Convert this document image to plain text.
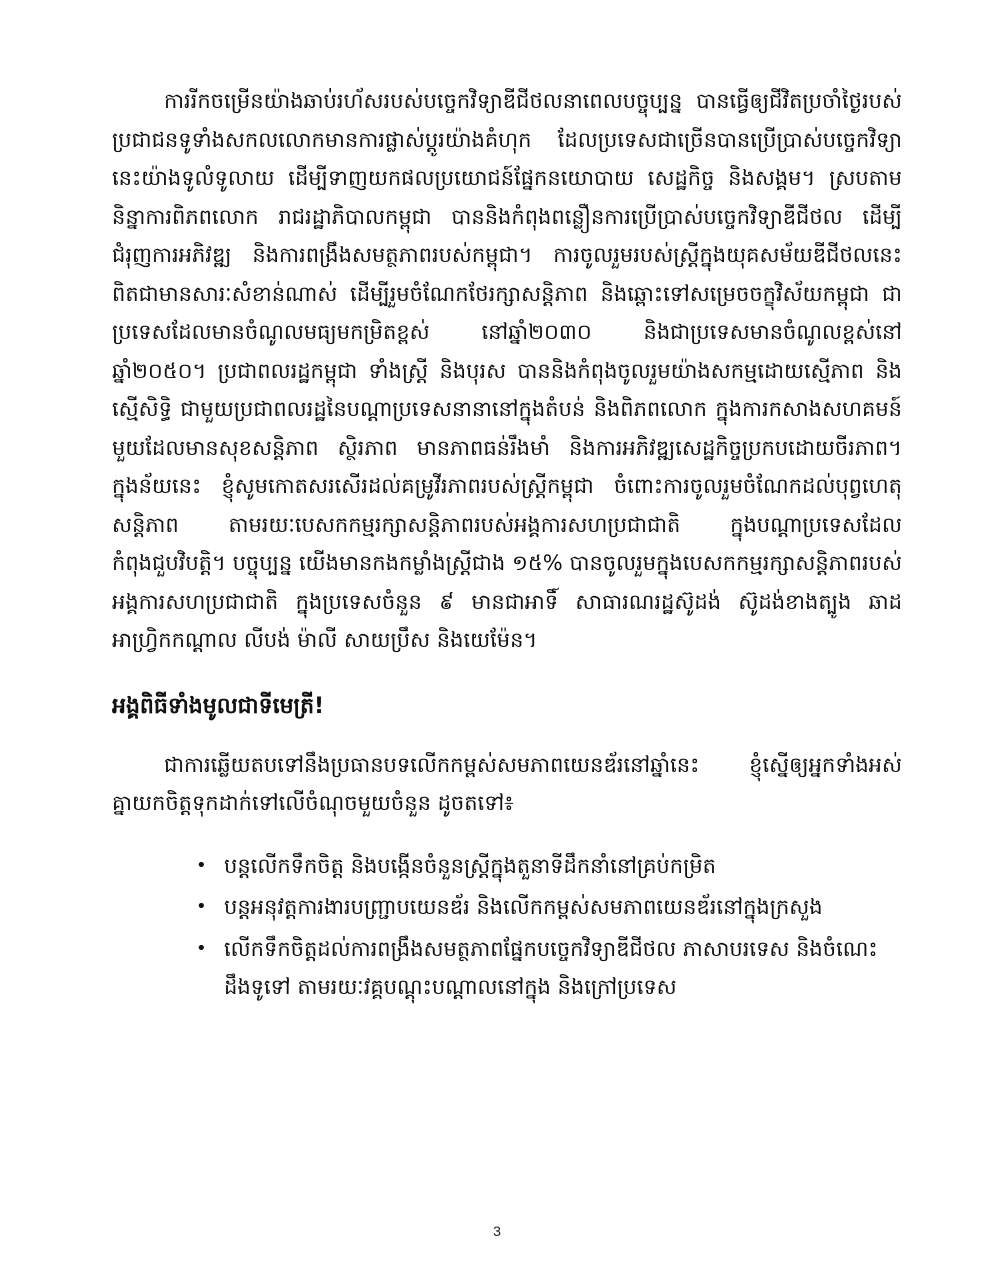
ការរីកចម្រើនយ៉ាងឆាប់រហ័សរបស់បច្ចេកវិទ្យាឌីជីថលនាពេលបច្ចុប្បន្ន បានធ្វើឲ្យជីវិតប្រចាំថ្ងៃរបស់ប្រជាជនទូទាំងសកលលោកមានការផ្លាស់ប្តូរយ៉ាងគំហុក ដែលប្រទេសជាច្រើនបានប្រើប្រាស់បច្ចេកវិទ្យានេះយ៉ាងទូលំទូលាយ ដើម្បីទាញយកផលប្រយោជន៍ផ្នែកនយោបាយ សេដ្ឋកិច្ច និងសង្គម។ ស្របតាមនិន្នាការពិភពលោក រាជរដ្ឋាភិបាលកម្ពុជា បាននិងកំពុងពន្លឿនការប្រើប្រាស់បច្ចេកវិទ្យាឌីជីថល ដើម្បីជំរុញការអភិវឌ្ឍ និងការពង្រឹងសមត្ថភាពរបស់កម្ពុជា។ ការចូលរួមរបស់ស្ត្រីក្នុងយុគសម័យឌីជីថលនេះ ពិតជាមានសារៈសំខាន់ណាស់ ដើម្បីរួមចំណែកថែរក្សាសន្តិភាព និងឆ្ពោះទៅសម្រេចចក្ខុវិស័យកម្ពុជា ជាប្រទេសដែលមានចំណូលមធ្យមកម្រិតខ្ពស់ នៅឆ្នាំ២០៣០ និងជាប្រទេសមានចំណូលខ្ពស់នៅឆ្នាំ២០៥០។ ប្រជាពលរដ្ឋកម្ពុជា ទាំងស្ត្រី និងបុរស បាននិងកំពុងចូលរួមយ៉ាងសកម្មដោយស្មើភាព និងស្មើសិទ្ធិ ជាមួយប្រជាពលរដ្ឋនៃបណ្តាប្រទេសនានានៅក្នុងតំបន់ និងពិភពលោក ក្នុងការកសាងសហគមន៍មួយដែលមានសុខសន្តិភាព ស្ថិរភាព មានភាពធន់រឹងមាំ និងការអភិវឌ្ឍសេដ្ឋកិច្ចប្រកបដោយចីរភាព។ ក្នុងន័យនេះ ខ្ញុំសូមកោតសរសើរដល់គម្រូវីរភាពរបស់ស្ត្រីកម្ពុជា ចំពោះការចូលរួមចំណែកដល់បុព្វហេតុសន្តិភាព តាមរយៈបេសកកម្មរក្សាសន្តិភាពរបស់អង្គការសហប្រជាជាតិ ក្នុងបណ្តាប្រទេសដែលកំពុងជួបវិបត្តិ។ បច្ចុប្បន្ន យើងមានកងកម្លាំងស្ត្រីជាង ១៥% បានចូលរួមក្នុងបេសកកម្មរក្សាសន្តិភាពរបស់អង្គការសហប្រជាជាតិ ក្នុងប្រទេសចំនួន ៩ មានជាអាទិ៍ សាធារណរដ្ឋស៊ូដង់ ស៊ូដង់ខាងត្បូង ឆាដ អាហ្វ្រិកកណ្តាល លីបង់ ម៉ាលី សាយប្រឹស និងយេម៉ែន។

អង្គពិធីទាំងមូលជាទីមេត្រី!

ជាការឆ្លើយតបទៅនឹងប្រធានបទលើកកម្ពស់សមភាពយេនឌ័រនៅឆ្នាំនេះ ខ្ញុំស្នើឲ្យអ្នកទាំងអស់គ្នាយកចិត្តទុកដាក់ទៅលើចំណុចមួយចំនួន ដូចតទៅ៖

• បន្តលើកទឹកចិត្ត និងបង្កើនចំនួនស្ត្រីក្នុងតួនាទីដឹកនាំនៅគ្រប់កម្រិត
• បន្តអនុវត្តការងារបញ្ជ្រាបយេនឌ័រ និងលើកកម្ពស់សមភាពយេនឌ័រនៅក្នុងក្រសួង
• លើកទឹកចិត្តដល់ការពង្រឹងសមត្ថភាពផ្នែកបច្ចេកវិទ្យាឌីជីថល ភាសាបរទេស និងចំណេះដឹងទូទៅ តាមរយៈវគ្គបណ្តុះបណ្តាលនៅក្នុង និងក្រៅប្រទេស
3
